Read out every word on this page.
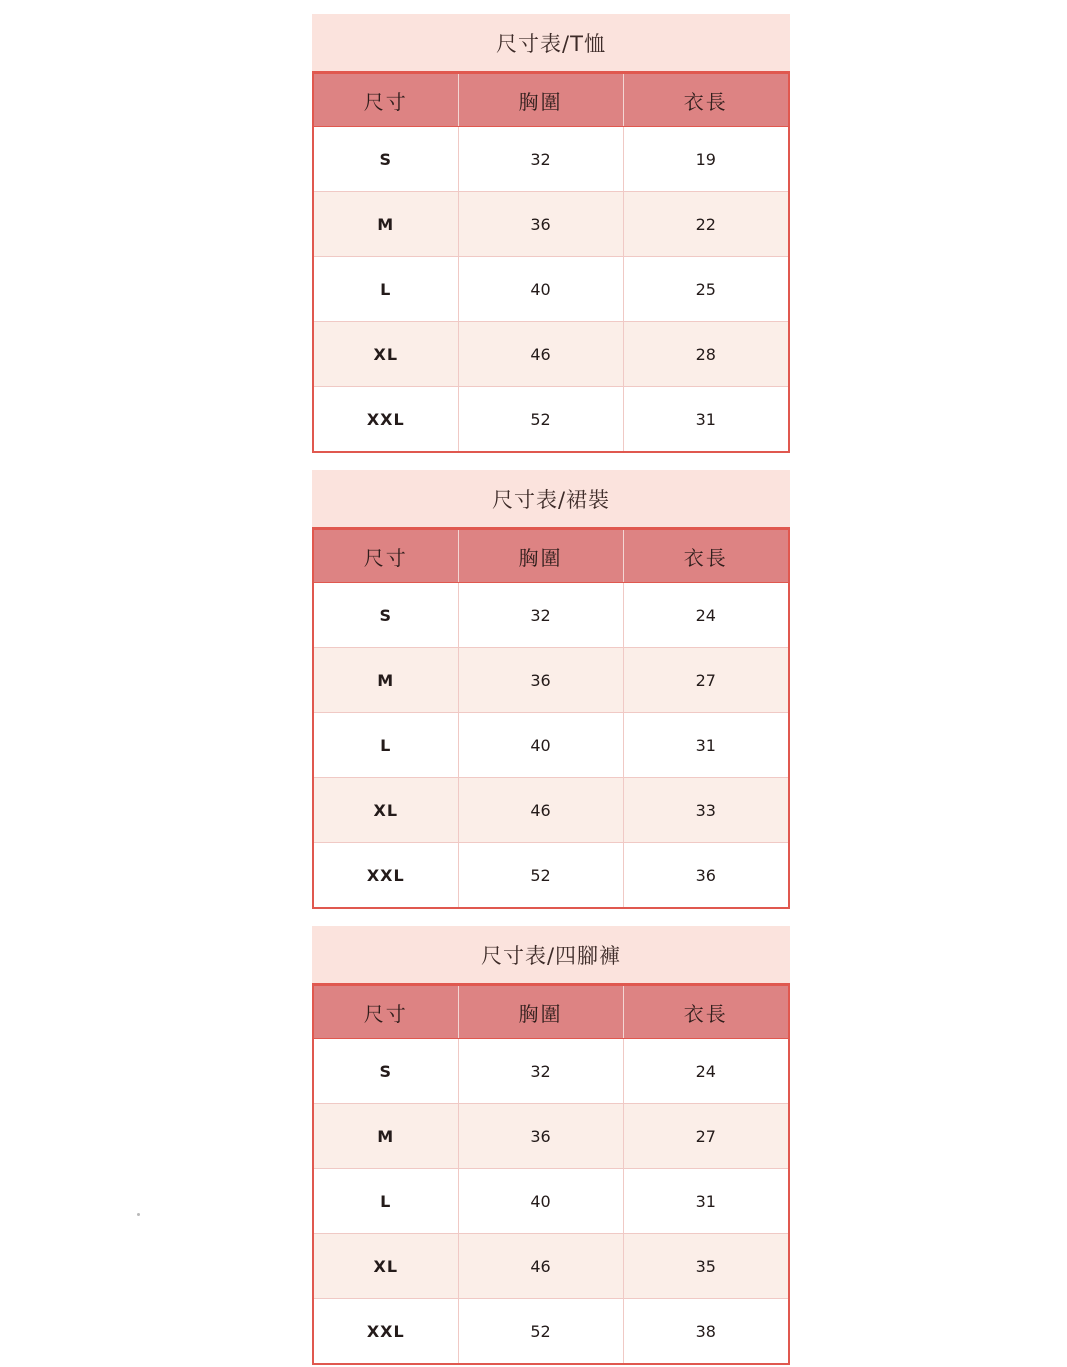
尺寸表/T恤
尺寸	胸圍	衣長
S	32	19
M	36	22
L	40	25
XL	46	28
XXL	52	31
尺寸表/裙裝
尺寸	胸圍	衣長
S	32	24
M	36	27
L	40	31
XL	46	33
XXL	52	36
尺寸表/四腳褲
尺寸	胸圍	衣長
S	32	24
M	36	27
L	40	31
XL	46	35
XXL	52	38
